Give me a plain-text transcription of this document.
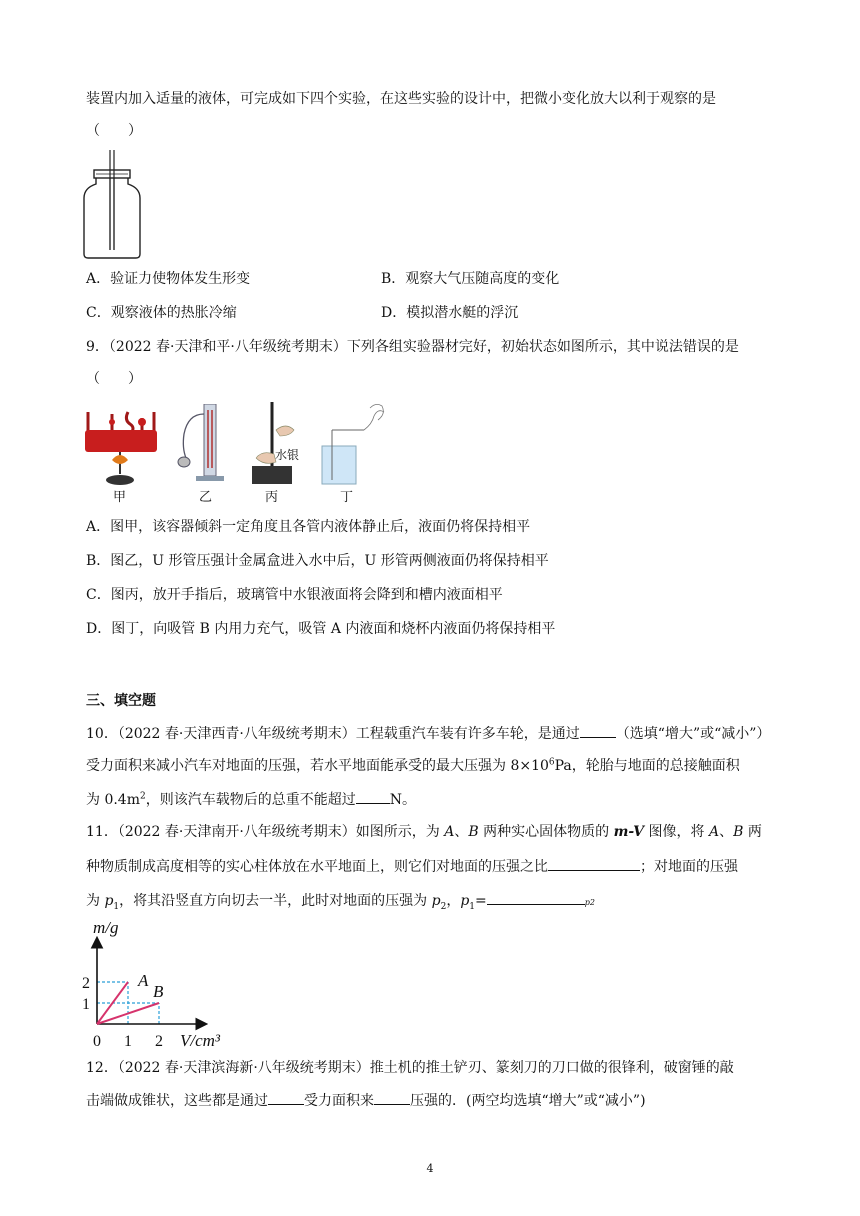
装置内加入适量的液体，可完成如下四个实验，在这些实验的设计中，把微小变化放大以利于观察的是
（　　）
A．验证力使物体发生形变	B．观察大气压随高度的变化
C．观察液体的热胀冷缩	D．模拟潜水艇的浮沉
9．（2022 春·天津和平·八年级统考期末）下列各组实验器材完好，初始状态如图所示，其中说法错误的是
（　　）
甲	乙
水银
丙	丁
A．图甲，该容器倾斜一定角度且各管内液体静止后，液面仍将保持相平
B．图乙，U 形管压强计金属盒进入水中后，U 形管两侧液面仍将保持相平
C．图丙，放开手指后，玻璃管中水银液面将会降到和槽内液面相平
D．图丁，向吸管 B 内用力充气，吸管 A 内液面和烧杯内液面仍将保持相平
三、填空题
10．（2022 春·天津西青·八年级统考期末）工程载重汽车装有许多车轮，是通过	（选填“增大”或“减小”）
受力面积来减小汽车对地面的压强，若水平地面能承受的最大压强为 $8\times 10^6Pa$，轮胎与地面的总接触面积
为 $0.4m^2$，则该汽车载物后的总重不能超过 N。
11．（2022 春·天津南开·八年级统考期末）如图所示，为 A、B 两种实心固体物质的 m-V 图像，将 A、B 两
种物质制成高度相等的实心柱体放在水平地面上，则它们对地面的压强之比	；对地面的压强
为 $p_1$，将其沿竖直方向切去一半，此时对地面的压强为 $p_2$，$p_1=$	p2
A
B
2
1
0 1 2
m/g
V/cm³
12．（2022 春·天津滨海新·八年级统考期末）推土机的推土铲刃、篆刻刀的刀口做的很锋利，破窗锤的敲
击端做成锥状，这些都是通过	受力面积来	压强的．(两空均选填“增大”或“减小”)
4
